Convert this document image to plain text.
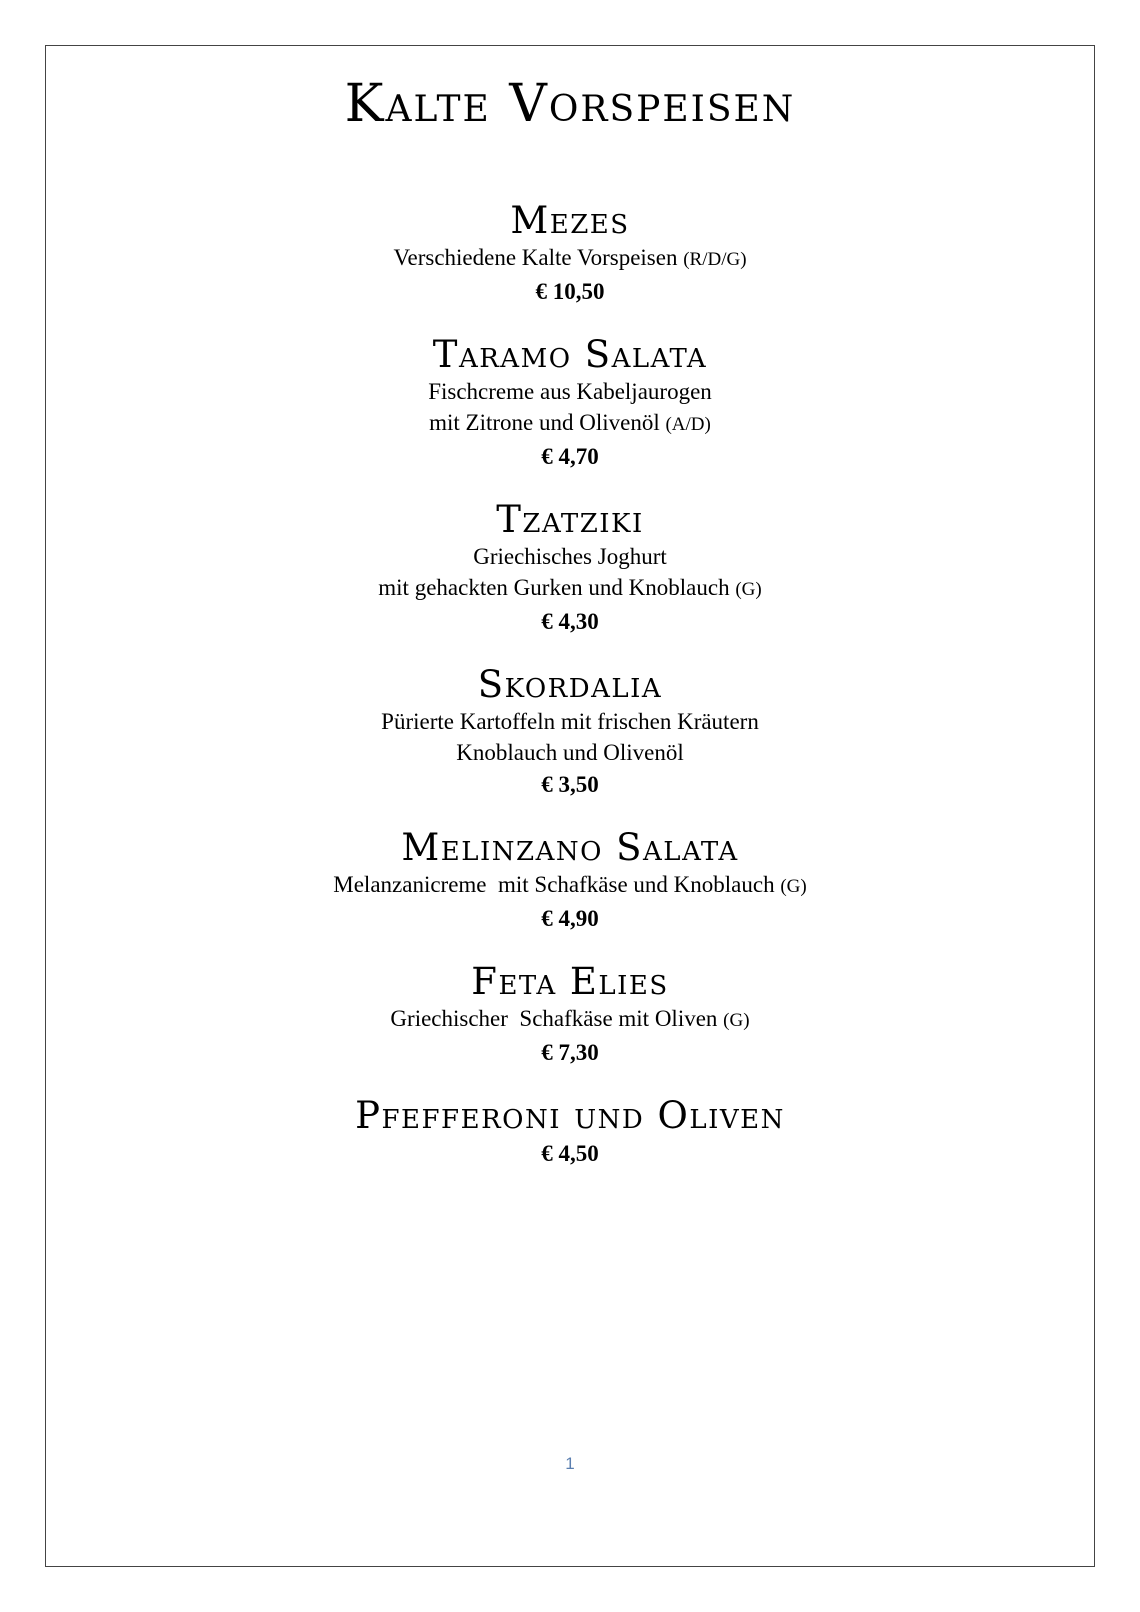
Kalte Vorspeisen
Mezes

Verschiedene Kalte Vorspeisen (R/D/G)

€ 10,50

Taramo Salata

Fischcreme aus Kabeljaurogen

mit Zitrone und Olivenöl (A/D)

€ 4,70

Tzatziki

Griechisches Joghurt

mit gehackten Gurken und Knoblauch (G)

€ 4,30

Skordalia

Pürierte Kartoffeln mit frischen Kräutern

Knoblauch und Olivenöl

€ 3,50

Melinzano Salata

Melanzanicreme  mit Schafkäse und Knoblauch (G)

€ 4,90

Feta Elies

Griechischer  Schafkäse mit Oliven (G)

€ 7,30

Pfefferoni und Oliven

€ 4,50

1
